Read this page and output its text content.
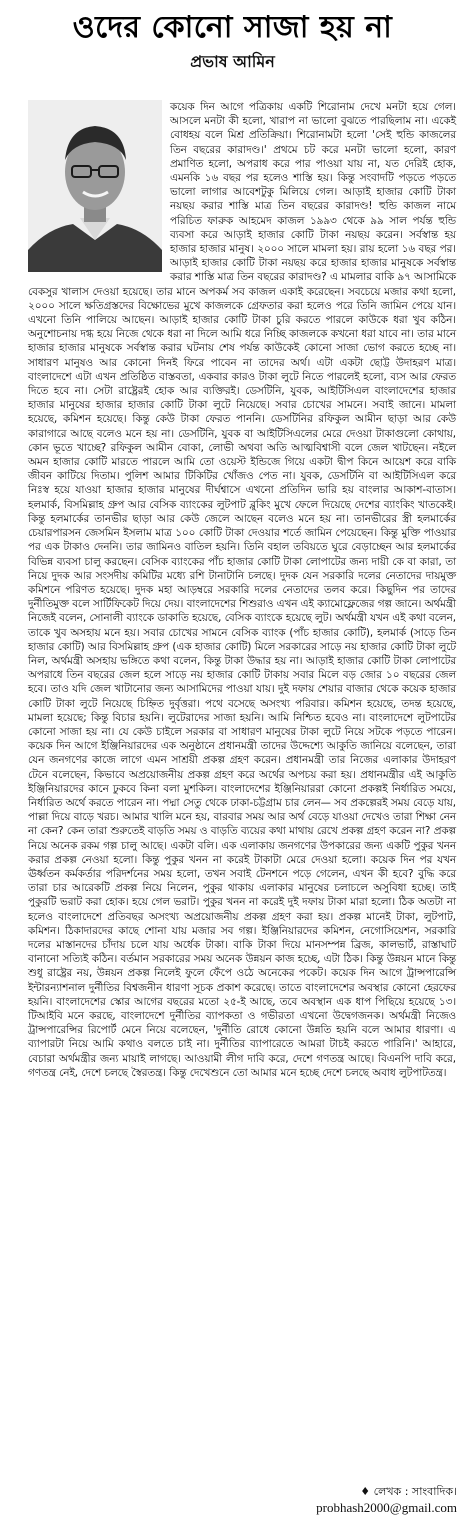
ওদের কোনো সাজা হয় না
প্রভাষ আমিন

কয়েক দিন আগে পত্রিকায় একটি শিরোনাম দেখে মনটা হয়ে গেল। আসলে মনটা কী হলো, খারাপ না ভালো বুঝতে পারছিলাম না। একেই বোধহয় বলে মিশ্র প্রতিক্রিয়া। শিরোনামটা হলো 'সেই হুন্ডি কাজলের তিন বছরের কারাদণ্ড।' প্রথমে চট করে মনটা ভালো হলো, কারণ প্রমাণিত হলো, অপরাধ করে পার পাওয়া যায় না, যত দেরিই হোক, এমনকি ১৬ বছর পর হলেও শাস্তি হয়। কিন্তু সংবাদটি পড়তে পড়তে ভালো লাগার আবেশটুকু মিলিয়ে গেল। আড়াই হাজার কোটি টাকা নয়ছয় করার শাস্তি মাত্র তিন বছরের কারাদণ্ড! হুন্ডি কাজল নামে পরিচিত ফারুক আহমেদ কাজল ১৯৯৩ থেকে ৯৯ সাল পর্যন্ত হুন্ডি ব্যবসা করে আড়াই হাজার কোটি টাকা নয়ছয় করেন। সর্বস্বান্ত হয় হাজার হাজার মানুষ। ২০০০ সালে মামলা হয়। রায় হলো ১৬ বছর পর। আড়াই হাজার কোটি টাকা নয়ছয় করে হাজার হাজার মানুষকে সর্বস্বান্ত করার শাস্তি মাত্র তিন বছরের কারাদণ্ড? এ মামলার বাকি ৯৭ আসামিকে বেকসুর খালাস দেওয়া হয়েছে। তার মানে অপকর্ম সব কাজল একাই করেছেন। সবচেয়ে মজার কথা হলো, ২০০০ সালে ক্ষতিগ্রস্তদের বিক্ষোভের মুখে কাজলকে গ্রেফতার করা হলেও পরে তিনি জামিন পেয়ে যান। এখনো তিনি পালিয়ে আছেন। আড়াই হাজার কোটি টাকা চুরি করতে পারলে কাউকে ধরা খুব কঠিন। অনুশোচনায় দগ্ধ হয়ে নিজে থেকে ধরা না দিলে আমি ধরে নিচ্ছি কাজলকে কখনো ধরা যাবে না। তার মানে হাজার হাজার মানুষকে সর্বস্বান্ত করার ঘটনায় শেষ পর্যন্ত কাউকেই কোনো সাজা ভোগ করতে হচ্ছে না। সাধারণ মানুষও আর কোনো দিনই ফিরে পাবেন না তাদের অর্থ। এটা একটা ছোট্ট উদাহরণ মাত্র। বাংলাদেশে এটা এখন প্রতিষ্ঠিত বাস্তবতা, একবার কারও টাকা লুটে নিতে পারলেই হলো, ব্যস আর ফেরত দিতে হবে না। সেটা রাষ্ট্রেরই হোক আর ব্যক্তিরই। ডেসটিনি, যুবক, আইটিসিএল বাংলাদেশের হাজার হাজার মানুষের হাজার হাজার কোটি টাকা লুটে নিয়েছে। সবার চোখের সামনে। সবাই জানে। মামলা হয়েছে, কমিশন হয়েছে। কিন্তু কেউ টাকা ফেরত পাননি। ডেসটিনির রফিকুল আমীন ছাড়া আর কেউ কারাগারে আছে বলেও মনে হয় না। ডেসটিনি, যুবক বা আইটিসিএলের মেরে দেওয়া টাকাগুলো কোথায়, কোন ভূতে খাচ্ছে? রফিকুল আমীন বোকা, লোভী অথবা অতি আত্মবিশ্বাসী বলে জেল খাটছেন। নইলে অমন হাজার কোটি মারতে পারলে আমি তো ওয়েস্ট ইন্ডিজে গিয়ে একটা দ্বীপ কিনে আয়েশ করে বাকি জীবন কাটিয়ে দিতাম। পুলিশ আমার টিকিটির খোঁজও পেত না। যুবক, ডেসটিনি বা আইটিসিএল করে নিঃস্ব হয়ে যাওয়া হাজার হাজার মানুষের দীর্ঘশ্বাসে এখনো প্রতিদিন ভারি হয় বাংলার আকাশ-বাতাস। হলমার্ক, বিসমিল্লাহ গ্রুপ আর বেসিক ব্যাংকের লুটপাট ব্লুকিং মুখে ফেলে দিয়েছে দেশের ব্যাংকিং খাতকেই। কিন্তু হলমার্কের তানভীর ছাড়া আর কেউ জেলে আছেন বলেও মনে হয় না। তানভীরের স্ত্রী হলমার্কের চেয়ারপারসন জেসমিন ইসলাম মাত্র ১০০ কোটি টাকা দেওয়ার শর্তে জামিন পেয়েছেন। কিন্তু মুক্তি পাওয়ার পর এক টাকাও দেননি। তার জামিনও বাতিল হয়নি। তিনি বহাল তবিয়তে ঘুরে বেড়াচ্ছেন আর হলমার্কের বিভিন্ন ব্যবসা চালু করছেন। বেসিক ব্যাংকের পাঁচ হাজার কোটি টাকা লোপাটের জন্য দায়ী কে বা কারা, তা নিয়ে দুদক আর সংসদীয় কমিটির মধ্যে রশি টানাটানি চলছে। দুদক যেন সরকারি দলের নেতাদের দায়মুক্ত কমিশনে পরিণত হয়েছে। দুদক মহা আড়ম্বরে সরকারি দলের নেতাদের তলব করে। কিছুদিন পর তাদের দুর্নীতিমুক্ত বলে সার্টিফিকেট দিয়ে দেয়। বাংলাদেশের শিশুরাও এখন এই ক্যামোফ্লেজের গল্প জানে। অর্থমন্ত্রী নিজেই বলেন, সোনালী ব্যাংকে ডাকাতি হয়েছে, বেসিক ব্যাংকে হয়েছে লুট। অর্থমন্ত্রী যখন এই কথা বলেন, তাকে খুব অসহায় মনে হয়। সবার চোখের সামনে বেসিক ব্যাংক (পাঁচ হাজার কোটি), হলমার্ক (সাড়ে তিন হাজার কোটি) আর বিসমিল্লাহ গ্রুপ (এক হাজার কোটি) মিলে সরকারের সাড়ে নয় হাজার কোটি টাকা লুটে নিল, অর্থমন্ত্রী অসহায় ভঙ্গিতে কথা বলেন, কিন্তু টাকা উদ্ধার হয় না। আড়াই হাজার কোটি টাকা লোপাটের অপরাধে তিন বছরের জেল হলে সাড়ে নয় হাজার কোটি টাকায় সবার মিলে বড় জোর ১০ বছরের জেল হবে। তাও যদি জেল খাটানোর জন্য আসামিদের পাওয়া যায়। দুই দফায় শেয়ার বাজার থেকে কয়েক হাজার কোটি টাকা লুটে নিয়েছে চিহ্নিত দুর্বৃত্তরা। পথে বসেছে অসংখ্য পরিবার। কমিশন হয়েছে, তদন্ত হয়েছে, মামলা হয়েছে; কিন্তু বিচার হয়নি। লুটেরাদের সাজা হয়নি। আমি নিশ্চিত হবেও না। বাংলাদেশে লুটপাটের কোনো সাজা হয় না। যে কেউ চাইলে সরকার বা সাধারণ মানুষের টাকা লুটে নিয়ে সটকে পড়তে পারেন। কয়েক দিন আগে ইঞ্জিনিয়ারদের এক অনুষ্ঠানে প্রধানমন্ত্রী তাদের উদ্দেশ্যে আকুতি জানিয়ে বলেছেন, তারা যেন জনগণের কাজে লাগে এমন সাশ্রয়ী প্রকল্প গ্রহণ করেন। প্রধানমন্ত্রী তার নিজের এলাকার উদাহরণ টেনে বলেছেন, কিভাবে অপ্রয়োজনীয় প্রকল্প গ্রহণ করে অর্থের অপচয় করা হয়। প্রধানমন্ত্রীর এই আকুতি ইঞ্জিনিয়ারদের কানে ঢুকবে কিনা বলা মুশকিল। বাংলাদেশের ইঞ্জিনিয়াররা কোনো প্রকল্পই নির্ধারিত সময়ে, নির্ধারিত অর্থে করতে পারেন না। পদ্মা সেতু থেকে ঢাকা-চট্টগ্রাম চার লেন— সব প্রকল্পেরই সময় বেড়ে যায়, পাল্লা দিয়ে বাড়ে খরচ। আমার খালি মনে হয়, বারবার সময় আর অর্থ বেড়ে যাওয়া দেখেও তারা শিক্ষা নেন না কেন? কেন তারা শুরুতেই বাড়তি সময় ও বাড়তি ব্যয়ের কথা মাথায় রেখে প্রকল্প গ্রহণ করেন না? প্রকল্প নিয়ে অনেক রকম গল্প চালু আছে। একটা বলি। এক এলাকায় জনগণের উপকারের জন্য একটি পুকুর খনন করার প্রকল্প নেওয়া হলো। কিন্তু পুকুর খনন না করেই টাকাটা মেরে দেওয়া হলো। কয়েক দিন পর যখন ঊর্ধ্বতন কর্মকর্তার পরিদর্শনের সময় হলো, তখন সবাই টেনশনে পড়ে গেলেন, এখন কী হবে? বুদ্ধি করে তারা চার আরেকটি প্রকল্প নিয়ে নিলেন, পুকুর থাকায় এলাকার মানুষের চলাচলে অসুবিধা হচ্ছে। তাই পুকুরটি ভরাট করা হোক। হয়ে গেল ভরাট। পুকুর খনন না করেই দুই দফায় টাকা মারা হলো। ঠিক অতটা না হলেও বাংলাদেশে প্রতিবছর অসংখ্য অপ্রয়োজনীয় প্রকল্প গ্রহণ করা হয়। প্রকল্প মানেই টাকা, লুটপাট, কমিশন। ঠিকাদারদের কাছে শোনা যায় মজার সব গল্প। ইঞ্জিনিয়ারদের কমিশন, নেগোসিয়েশন, সরকারি দলের মাস্তানদের চাঁদায় চলে যায় অর্ধেক টাকা। বাকি টাকা দিয়ে মানসম্পন্ন ব্রিজ, কালভার্ট, রাস্তাঘাট বানানো সত্যিই কঠিন। বর্তমান সরকারের সময় অনেক উন্নয়ন কাজ হচ্ছে, এটা ঠিক। কিন্তু উন্নয়ন মানে কিন্তু শুধু রাষ্ট্রের নয়, উন্নয়ন প্রকল্প নিলেই ফুলে ফেঁপে ওঠে অনেকের পকেট। কয়েক দিন আগে ট্রান্সপারেন্সি ইন্টারন্যাশনাল দুর্নীতির বিশ্বজনীন ধারণা সূচক প্রকাশ করেছে। তাতে বাংলাদেশের অবস্থার কোনো হেরফের হয়নি। বাংলাদেশের স্কোর আগের বছরের মতো ২৫-ই আছে, তবে অবস্থান এক ধাপ পিছিয়ে হয়েছে ১৩। টিআইবি মনে করছে, বাংলাদেশে দুর্নীতির ব্যাপকতা ও গভীরতা এখনো উদ্বেগজনক। অর্থমন্ত্রী নিজেও ট্রান্সপারেন্সির রিপোর্ট মেনে নিয়ে বলেছেন, 'দুর্নীতি রোধে কোনো উন্নতি হয়নি বলে আমার ধারণা। এ ব্যাপারটা নিয়ে আমি কথাও বলতে চাই না। দুর্নীতির ব্যাপারেতে আমরা টাচই করতে পারিনি।' আহারে, বেচারা অর্থমন্ত্রীর জন্য মায়াই লাগছে। আওয়ামী লীগ দাবি করে, দেশে গণতন্ত্র আছে। বিএনপি দাবি করে, গণতন্ত্র নেই, দেশে চলছে স্বৈরতন্ত্র। কিন্তু দেখেশুনে তো আমার মনে হচ্ছে দেশে চলছে অবাধ লুটপাটতন্ত্র।

♦ লেখক : সাংবাদিক।
probhash2000@gmail.com
